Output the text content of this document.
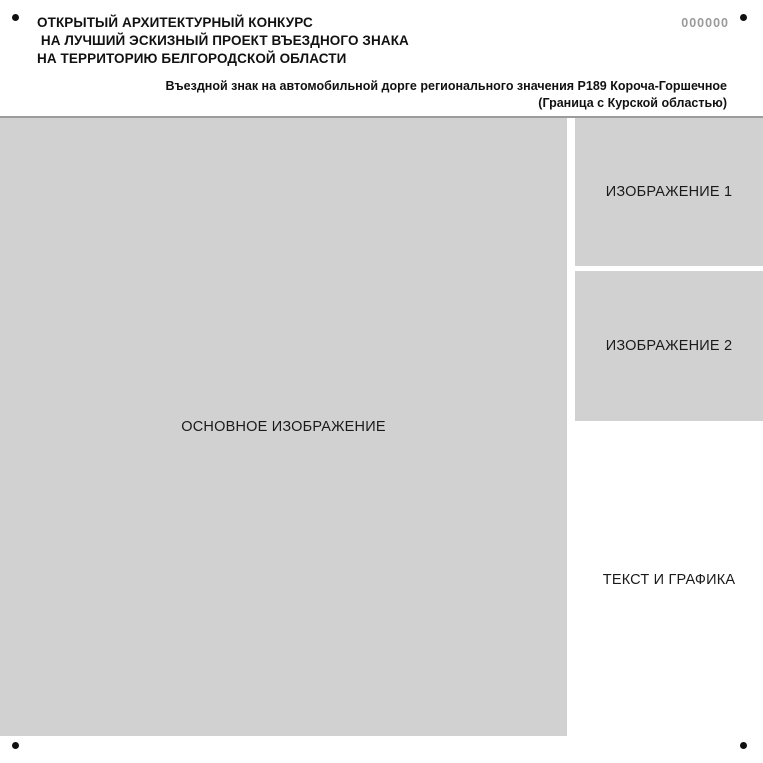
ОТКРЫТЫЙ АРХИТЕКТУРНЫЙ КОНКУРС
НА ЛУЧШИЙ ЭСКИЗНЫЙ ПРОЕКТ ВЪЕЗДНОГО ЗНАКА
НА ТЕРРИТОРИЮ БЕЛГОРОДСКОЙ ОБЛАСТИ
000000
Въездной знак на автомобильной дорге регионального значения Р189 Короча-Горшечное
(Граница с Курской областью)
ОСНОВНОЕ ИЗОБРАЖЕНИЕ
ИЗОБРАЖЕНИЕ 1
ИЗОБРАЖЕНИЕ 2
ТЕКСТ И ГРАФИКА
